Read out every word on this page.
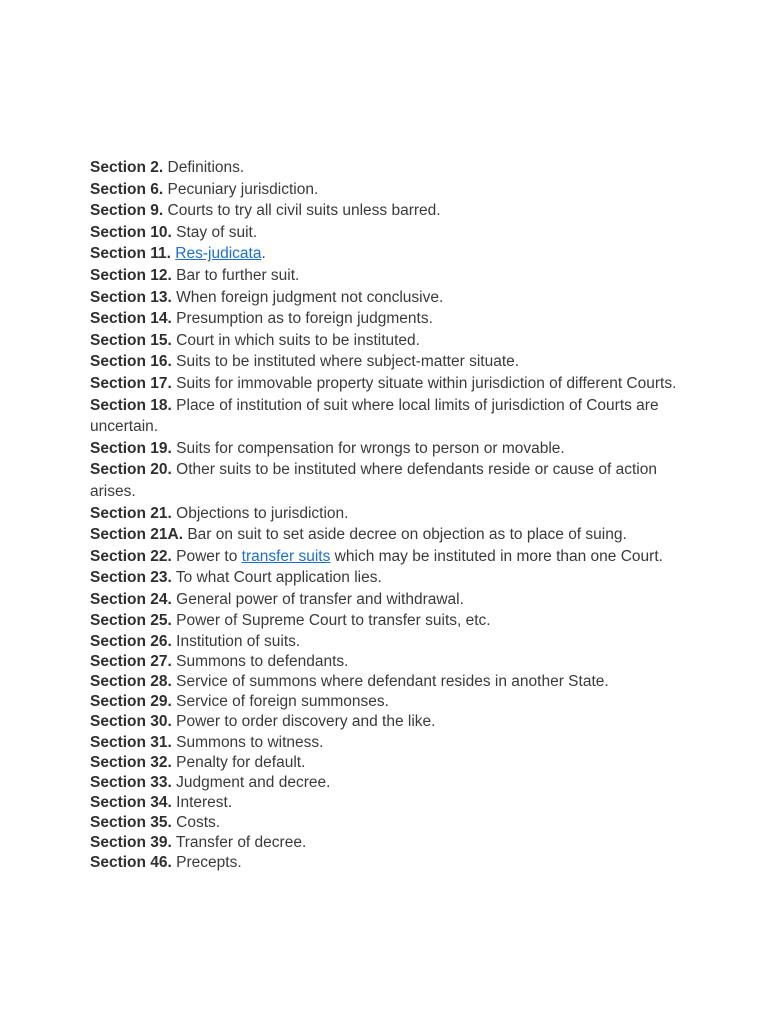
Section 2. Definitions.

Section 6. Pecuniary jurisdiction.

Section 9. Courts to try all civil suits unless barred.

Section 10. Stay of suit.

Section 11. Res-judicata.

Section 12. Bar to further suit.

Section 13. When foreign judgment not conclusive.

Section 14. Presumption as to foreign judgments.

Section 15. Court in which suits to be instituted.

Section 16. Suits to be instituted where subject-matter situate.

Section 17. Suits for immovable property situate within jurisdiction of different Courts.

Section 18. Place of institution of suit where local limits of jurisdiction of Courts are uncertain.

Section 19. Suits for compensation for wrongs to person or movable.

Section 20. Other suits to be instituted where defendants reside or cause of action arises.

Section 21. Objections to jurisdiction.

Section 21A. Bar on suit to set aside decree on objection as to place of suing.

Section 22. Power to transfer suits which may be instituted in more than one Court.

Section 23. To what Court application lies.

Section 24. General power of transfer and withdrawal.

Section 25. Power of Supreme Court to transfer suits, etc.

Section 26. Institution of suits.

Section 27. Summons to defendants.

Section 28. Service of summons where defendant resides in another State.

Section 29. Service of foreign summonses.

Section 30. Power to order discovery and the like.

Section 31. Summons to witness.

Section 32. Penalty for default.

Section 33. Judgment and decree.

Section 34. Interest.

Section 35. Costs.

Section 39. Transfer of decree.

Section 46. Precepts.
